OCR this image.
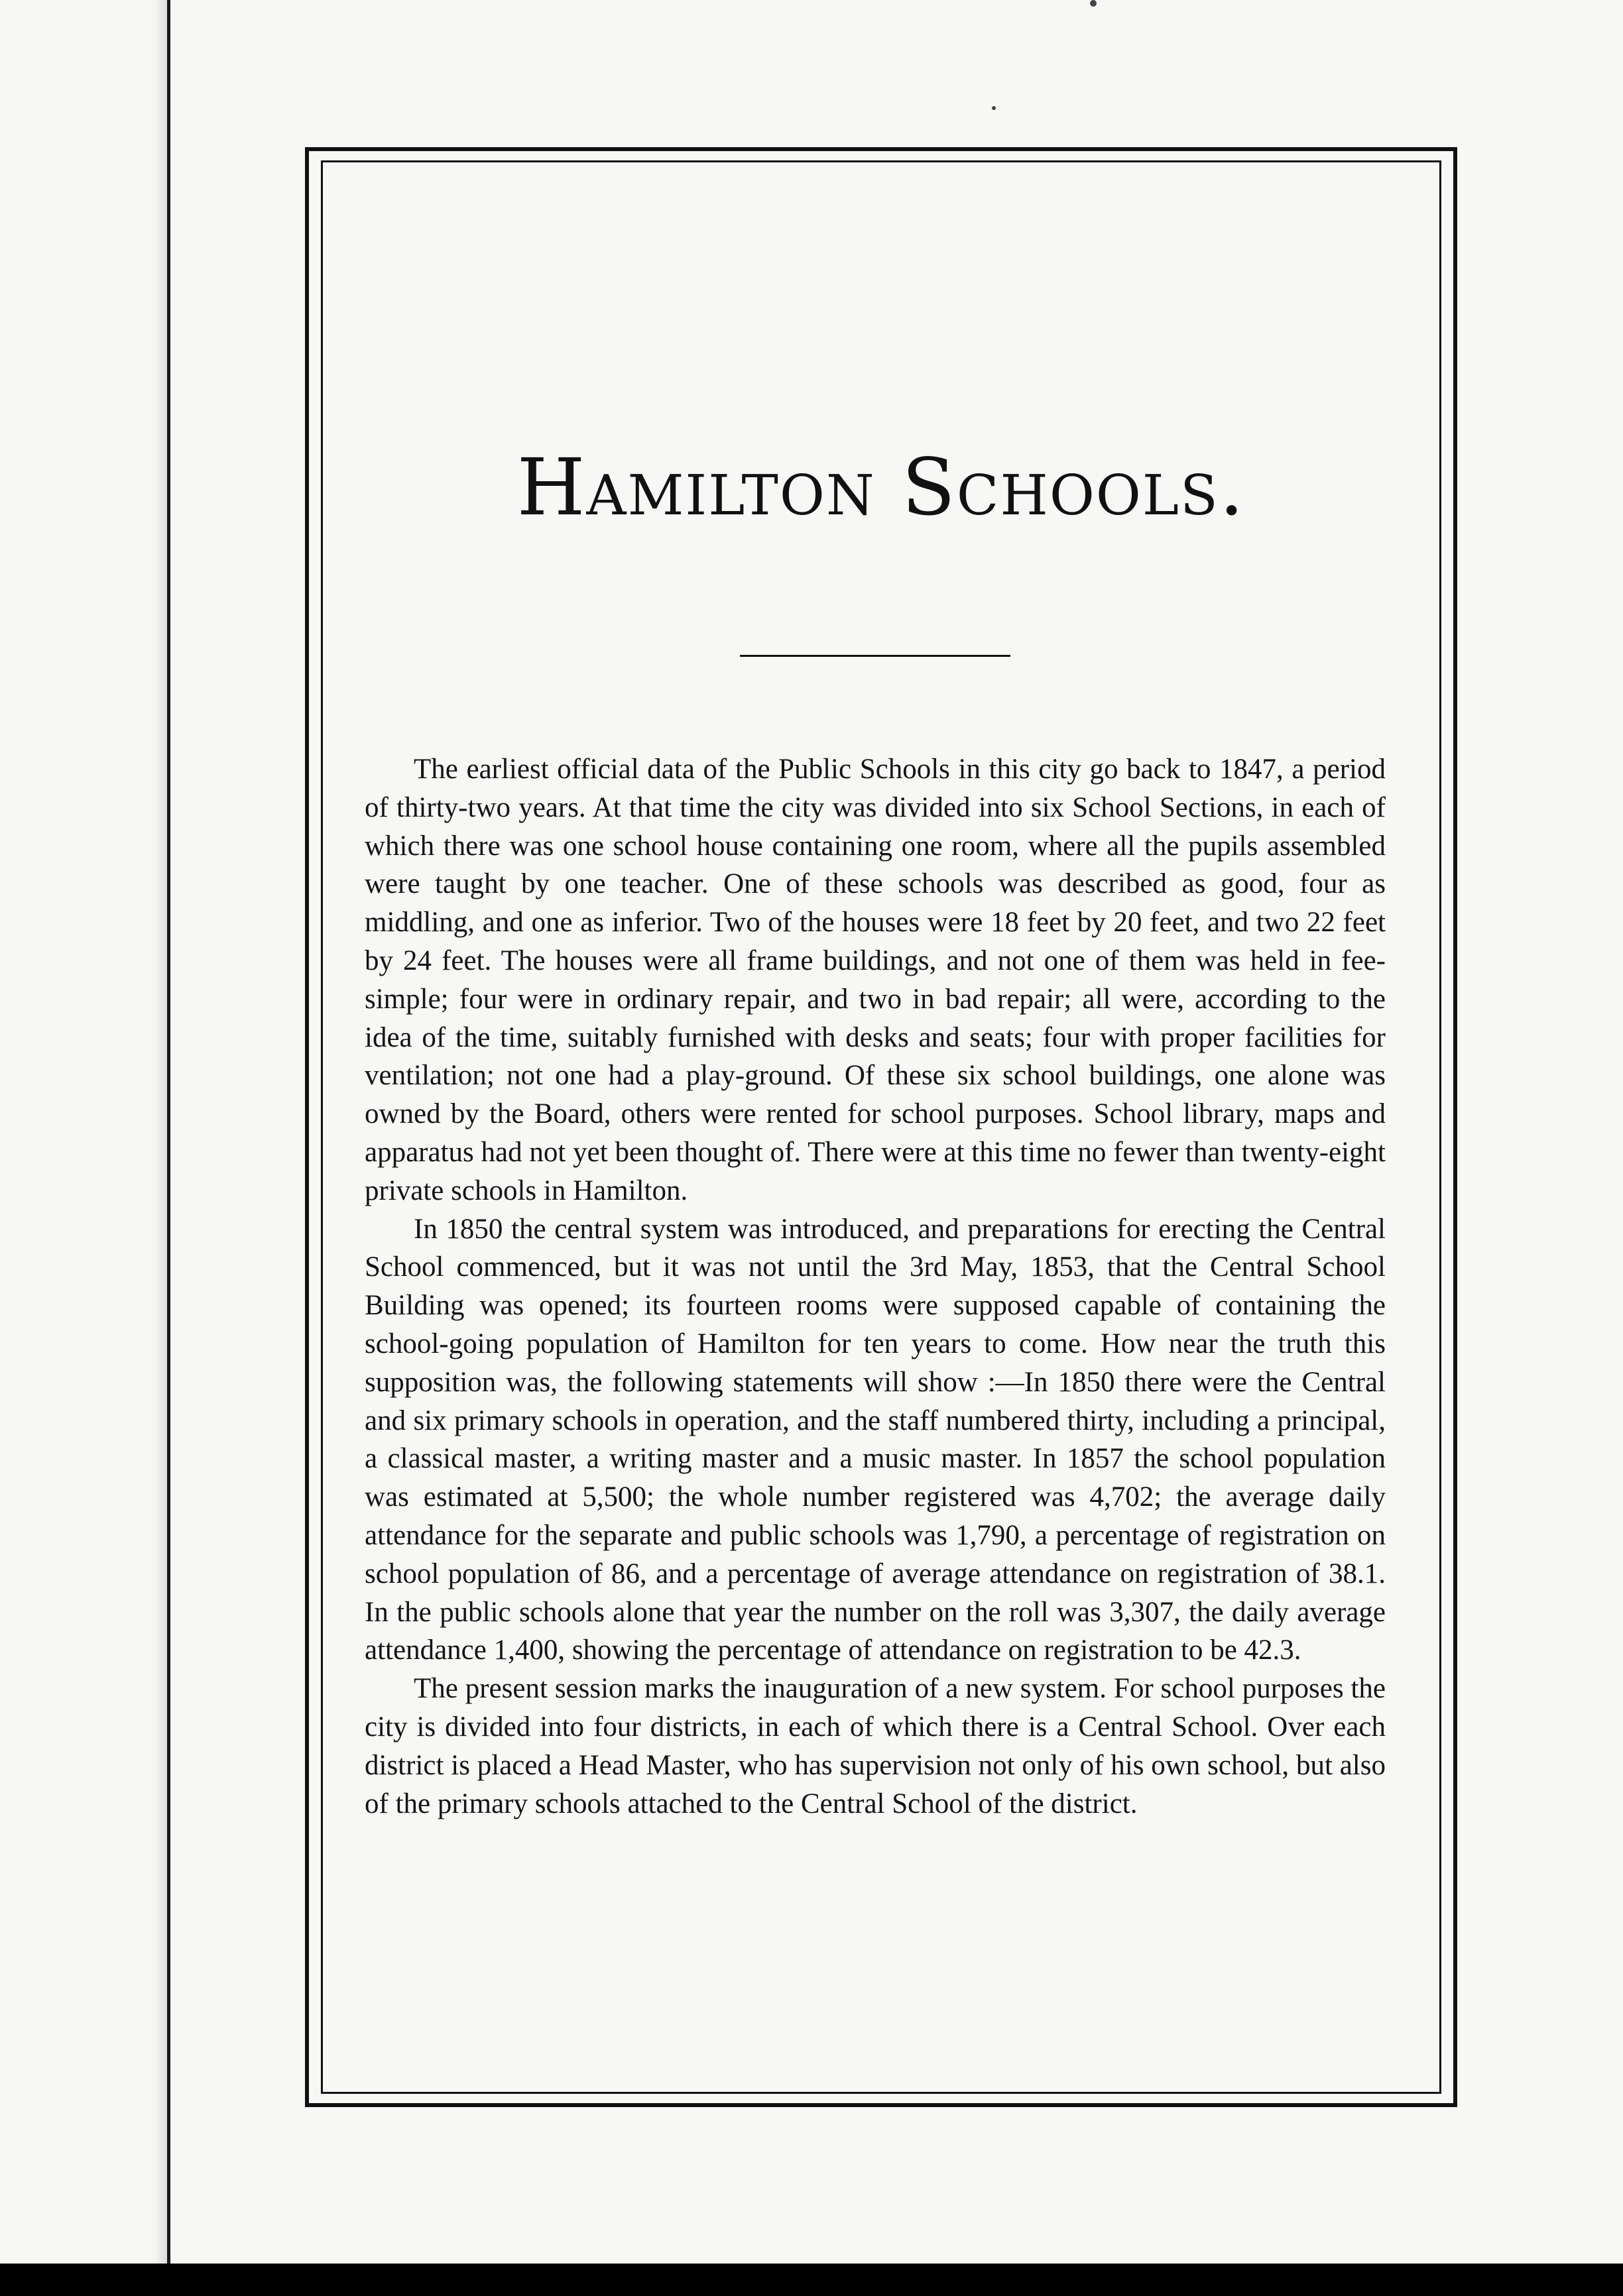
Hamilton Schools.

The earliest official data of the Public Schools in this city go back to 1847, a period of thirty-two years. At that time the city was divided into six School Sections, in each of which there was one school house containing one room, where all the pupils assembled were taught by one teacher. One of these schools was described as good, four as middling, and one as inferior. Two of the houses were 18 feet by 20 feet, and two 22 feet by 24 feet. The houses were all frame buildings, and not one of them was held in fee-simple; four were in ordinary repair, and two in bad repair; all were, according to the idea of the time, suitably furnished with desks and seats; four with proper facilities for ventilation; not one had a play-ground. Of these six school buildings, one alone was owned by the Board, others were rented for school purposes. School library, maps and apparatus had not yet been thought of. There were at this time no fewer than twenty-eight private schools in Hamilton.

In 1850 the central system was introduced, and preparations for erecting the Central School commenced, but it was not until the 3rd May, 1853, that the Central School Building was opened; its fourteen rooms were supposed capable of containing the school-going population of Hamilton for ten years to come. How near the truth this supposition was, the following statements will show :—In 1850 there were the Central and six primary schools in operation, and the staff numbered thirty, including a principal, a classical master, a writing master and a music master. In 1857 the school population was estimated at 5,500; the whole number registered was 4,702; the average daily attendance for the separate and public schools was 1,790, a percentage of registration on school population of 86, and a percentage of average attendance on registration of 38.1. In the public schools alone that year the number on the roll was 3,307, the daily average attendance 1,400, showing the percentage of attendance on registration to be 42.3.

The present session marks the inauguration of a new system. For school purposes the city is divided into four districts, in each of which there is a Central School. Over each district is placed a Head Master, who has supervision not only of his own school, but also of the primary schools attached to the Central School of the district.
